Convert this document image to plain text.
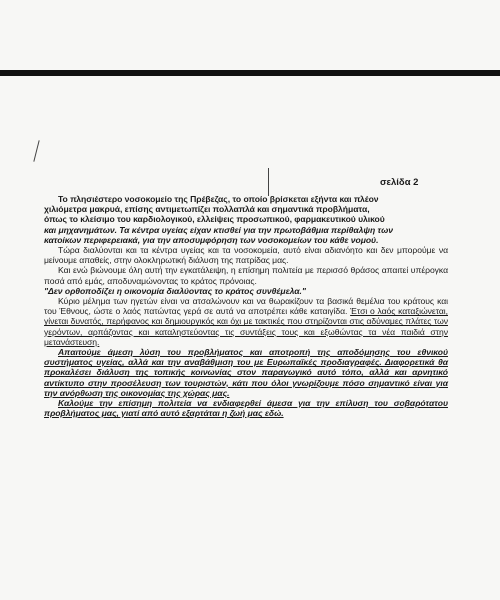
σελίδα 2

Το πλησιέστερο νοσοκομείο της Πρέβεζας, το οποίο βρίσκεται εξήντα και πλέον
χιλιόμετρα μακρυά, επίσης αντιμετωπίζει πολλαπλά και σημαντικά προβλήματα,
όπως το κλείσιμο του καρδιολογικού, ελλείψεις προσωπικού, φαρμακευτικού υλικού
και μηχανημάτων. Τα κέντρα υγείας είχαν κτισθεί για την πρωτοβάθμια περίθαλψη των
κατοίκων περιφερειακά, για την αποσυμφόρηση των νοσοκομείων του κάθε νομού.

Τώρα διαλύονται και τα κέντρα υγείας και τα νοσοκομεία, αυτό είναι αδιανόητο και δεν μπορούμε να μείνουμε απαθείς, στην ολοκληρωτική διάλυση της πατρίδας μας.

Και ενώ βιώνουμε όλη αυτή την εγκατάλειψη, η επίσημη πολιτεία με περισσό θράσος απαιτεί υπέρογκα ποσά από εμάς, αποδυναμώνοντας το κράτος πρόνοιας.

"Δεν ορθοποδίζει η οικονομία διαλύοντας το κράτος συνθέμελα."

Κύριο μέλημα των ηγετών είναι να ατσαλώνουν και να θωρακίζουν τα βασικά θεμέλια του κράτους και του Έθνους, ώστε ο λαός πατώντας γερά σε αυτά να αποτρέπει κάθε καταιγίδα. Έτσι ο λαός καταξιώνεται, γίνεται δυνατός, περήφανος και δημιουργικός και όχι με τακτικές που στηρίζονται στις αδύναμες πλάτες των γερόντων, αρπάζοντας και καταληστεύοντας τις συντάξεις τους και εξωθώντας τα νέα παιδιά στην μετανάστευση.

Απαιτούμε άμεση λύση του προβλήματος και αποτροπή της αποδόμησης του εθνικού συστήματος υγείας, αλλά και την αναβάθμιση του με Ευρωπαϊκές προδιαγραφές. Διαφορετικά θα προκαλέσει διάλυση της τοπικής κοινωνίας στον παραγωγικό αυτό τόπο, αλλά και αρνητικό αντίκτυπο στην προσέλευση των τουριστών, κάτι που όλοι γνωρίζουμε πόσο σημαντικό είναι για την ανόρθωση της οικονομίας της χώρας μας.

Καλούμε την επίσημη πολιτεία να ενδιαφερθεί άμεσα για την επίλυση του σοβαρότατου προβλήματος μας, γιατί από αυτό εξαρτάται η ζωή μας εδώ.
